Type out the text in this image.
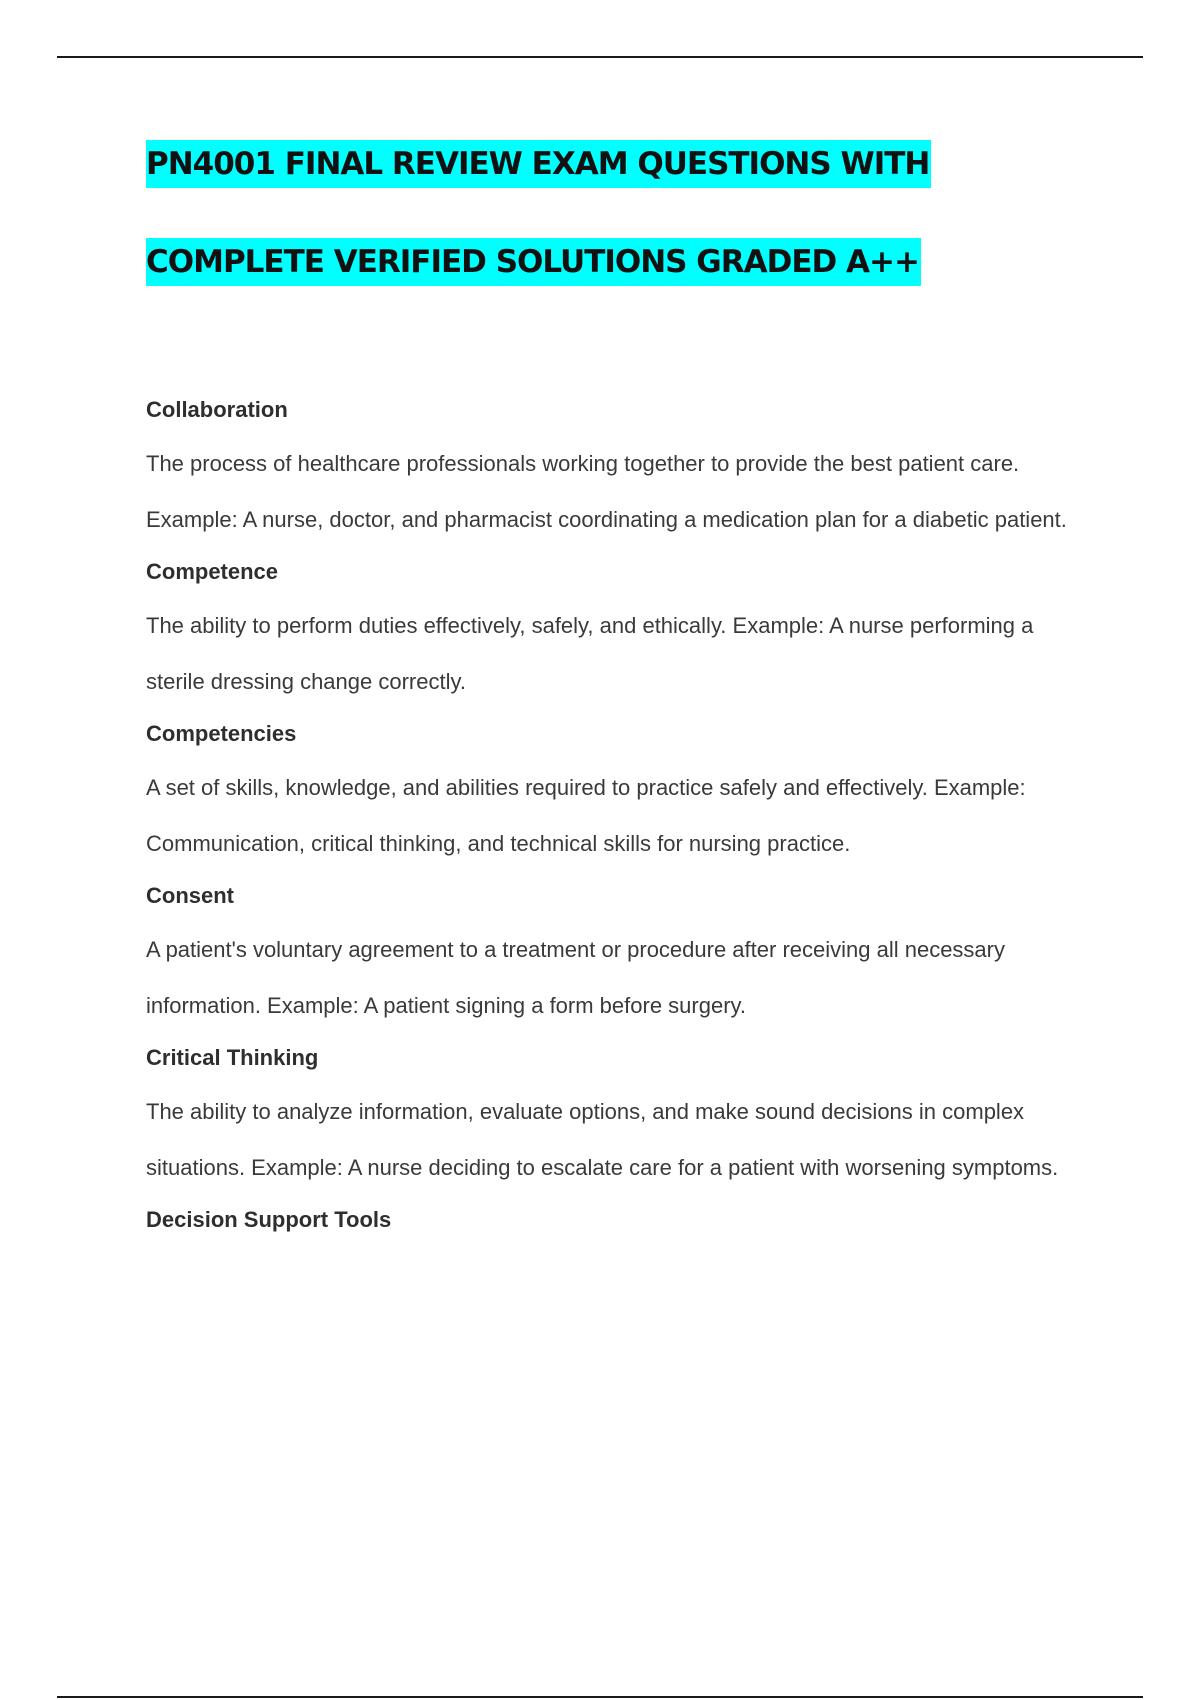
PN4001 FINAL REVIEW EXAM QUESTIONS WITH
COMPLETE VERIFIED SOLUTIONS GRADED A++
Collaboration
The process of healthcare professionals working together to provide the best patient care. Example: A nurse, doctor, and pharmacist coordinating a medication plan for a diabetic patient.
Competence
The ability to perform duties effectively, safely, and ethically. Example: A nurse performing a sterile dressing change correctly.
Competencies
A set of skills, knowledge, and abilities required to practice safely and effectively. Example: Communication, critical thinking, and technical skills for nursing practice.
Consent
A patient's voluntary agreement to a treatment or procedure after receiving all necessary information. Example: A patient signing a form before surgery.
Critical Thinking
The ability to analyze information, evaluate options, and make sound decisions in complex situations. Example: A nurse deciding to escalate care for a patient with worsening symptoms.
Decision Support Tools
